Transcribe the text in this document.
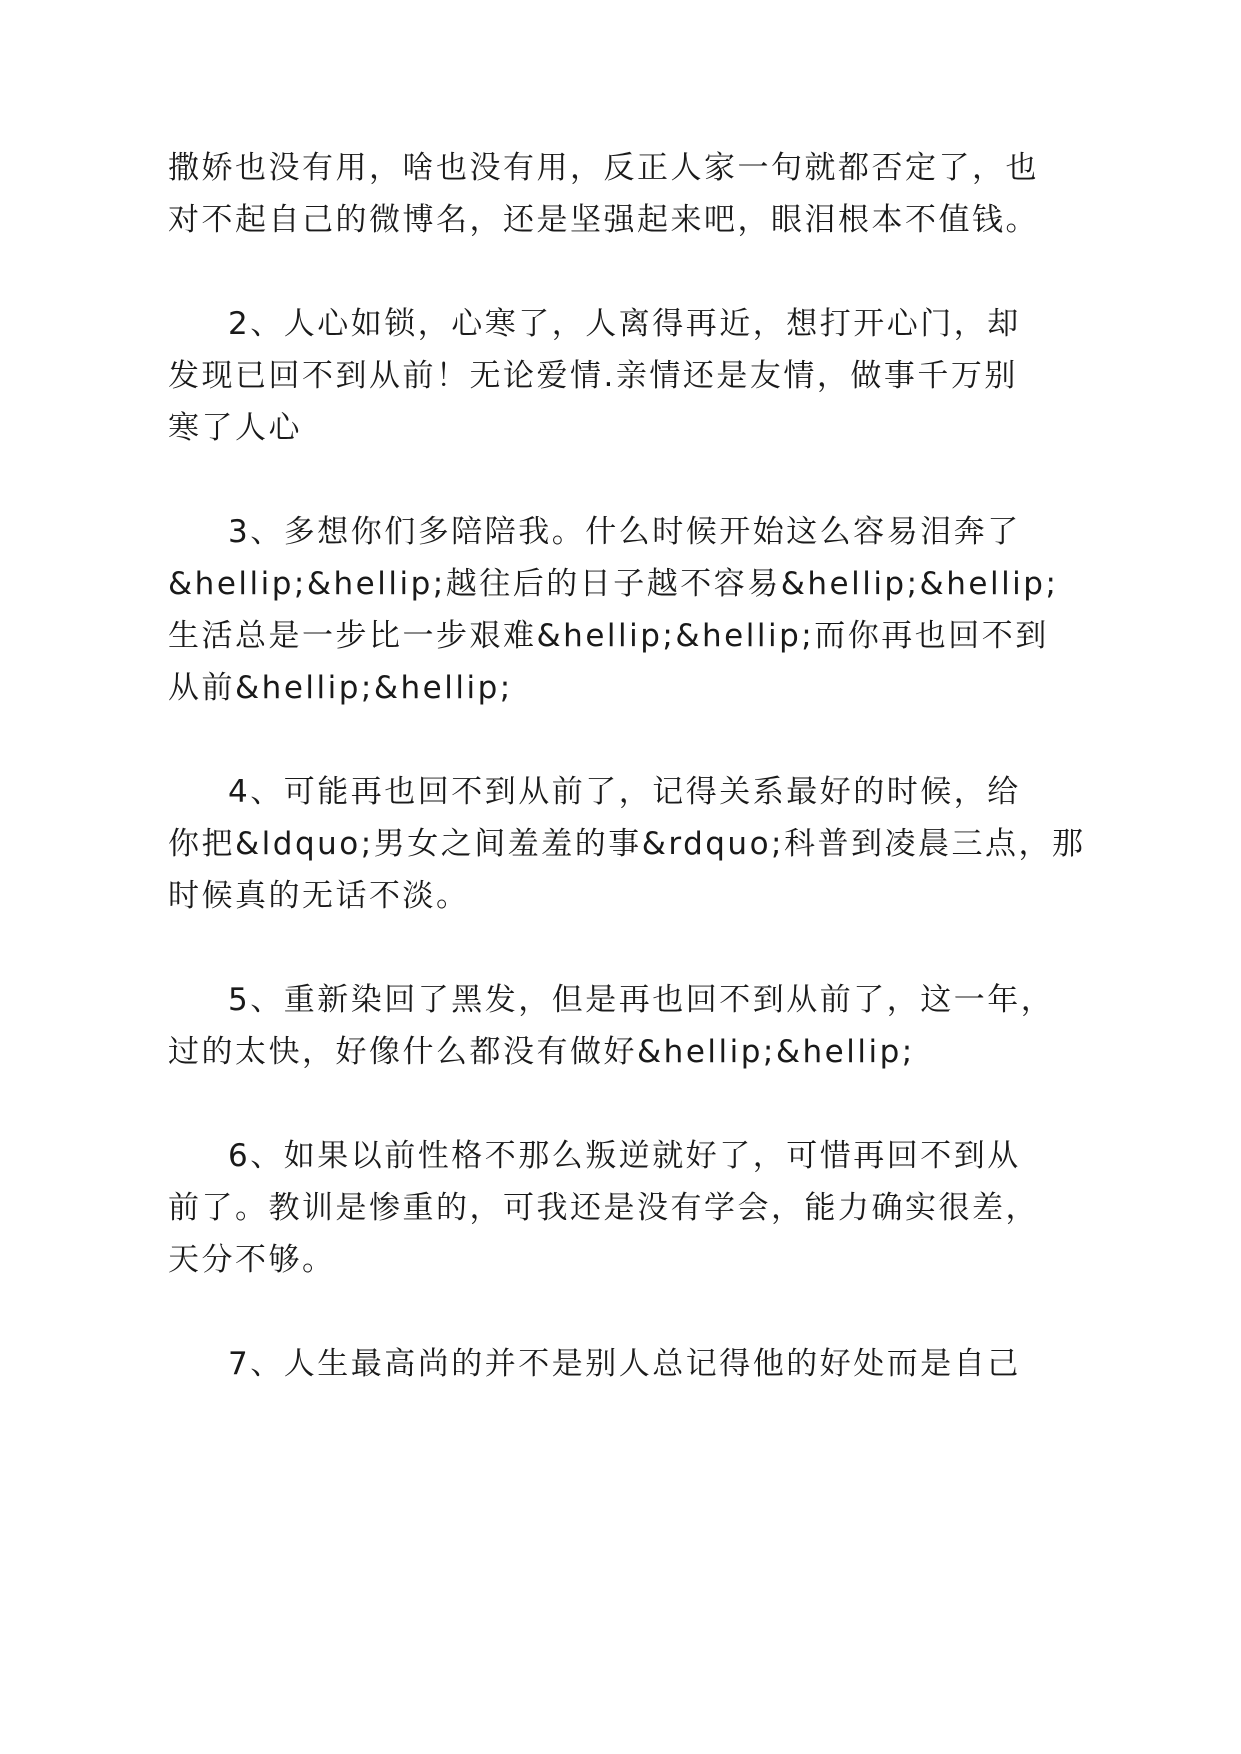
撒娇也没有用，啥也没有用，反正人家一句就都否定了，也
对不起自己的微博名，还是坚强起来吧，眼泪根本不值钱。
2、人心如锁，心寒了，人离得再近，想打开心门，却
发现已回不到从前！无论爱情.亲情还是友情，做事千万别
寒了人心
3、多想你们多陪陪我。什么时候开始这么容易泪奔了
&hellip;&hellip;越往后的日子越不容易&hellip;&hellip;
生活总是一步比一步艰难&hellip;&hellip;而你再也回不到
从前&hellip;&hellip;
4、可能再也回不到从前了，记得关系最好的时候，给
你把&ldquo;男女之间羞羞的事&rdquo;科普到凌晨三点，那
时候真的无话不淡。
5、重新染回了黑发，但是再也回不到从前了，这一年，
过的太快，好像什么都没有做好&hellip;&hellip;
6、如果以前性格不那么叛逆就好了，可惜再回不到从
前了。教训是惨重的，可我还是没有学会，能力确实很差，
天分不够。
7、人生最高尚的并不是别人总记得他的好处而是自己
